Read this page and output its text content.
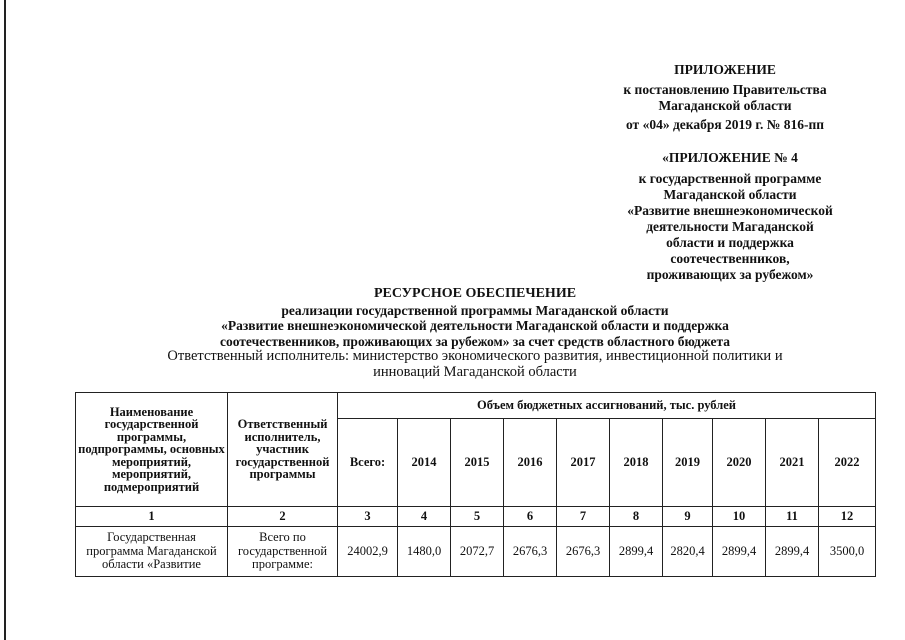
ПРИЛОЖЕНИЕ
к постановлению Правительства
Магаданской области
от «04» декабря 2019 г. № 816-пп
«ПРИЛОЖЕНИЕ № 4
к государственной программе
Магаданской области
«Развитие внешнеэкономической
деятельности Магаданской
области и поддержка
соотечественников,
проживающих за рубежом»
РЕСУРСНОЕ ОБЕСПЕЧЕНИЕ
реализации государственной программы Магаданской области
«Развитие внешнеэкономической деятельности Магаданской области и поддержка
соотечественников, проживающих за рубежом» за счет средств областного бюджета
Ответственный исполнитель: министерство экономического развития, инвестиционной политики и
инноваций Магаданской области
Наименование государственной программы, подпрограммы, основных мероприятий, мероприятий, подмероприятий	Ответственный исполнитель, участник государственной программы	Объем бюджетных ассигнований, тыс. рублей									
		Всего:	2014	2015	2016	2017	2018	2019	2020	2021	2022
1	2	3	4	5	6	7	8	9	10	11	12
Государственная программа Магаданской области «Развитие	Всего по государственной программе:	24002,9	1480,0	2072,7	2676,3	2676,3	2899,4	2820,4	2899,4	2899,4	3500,0
